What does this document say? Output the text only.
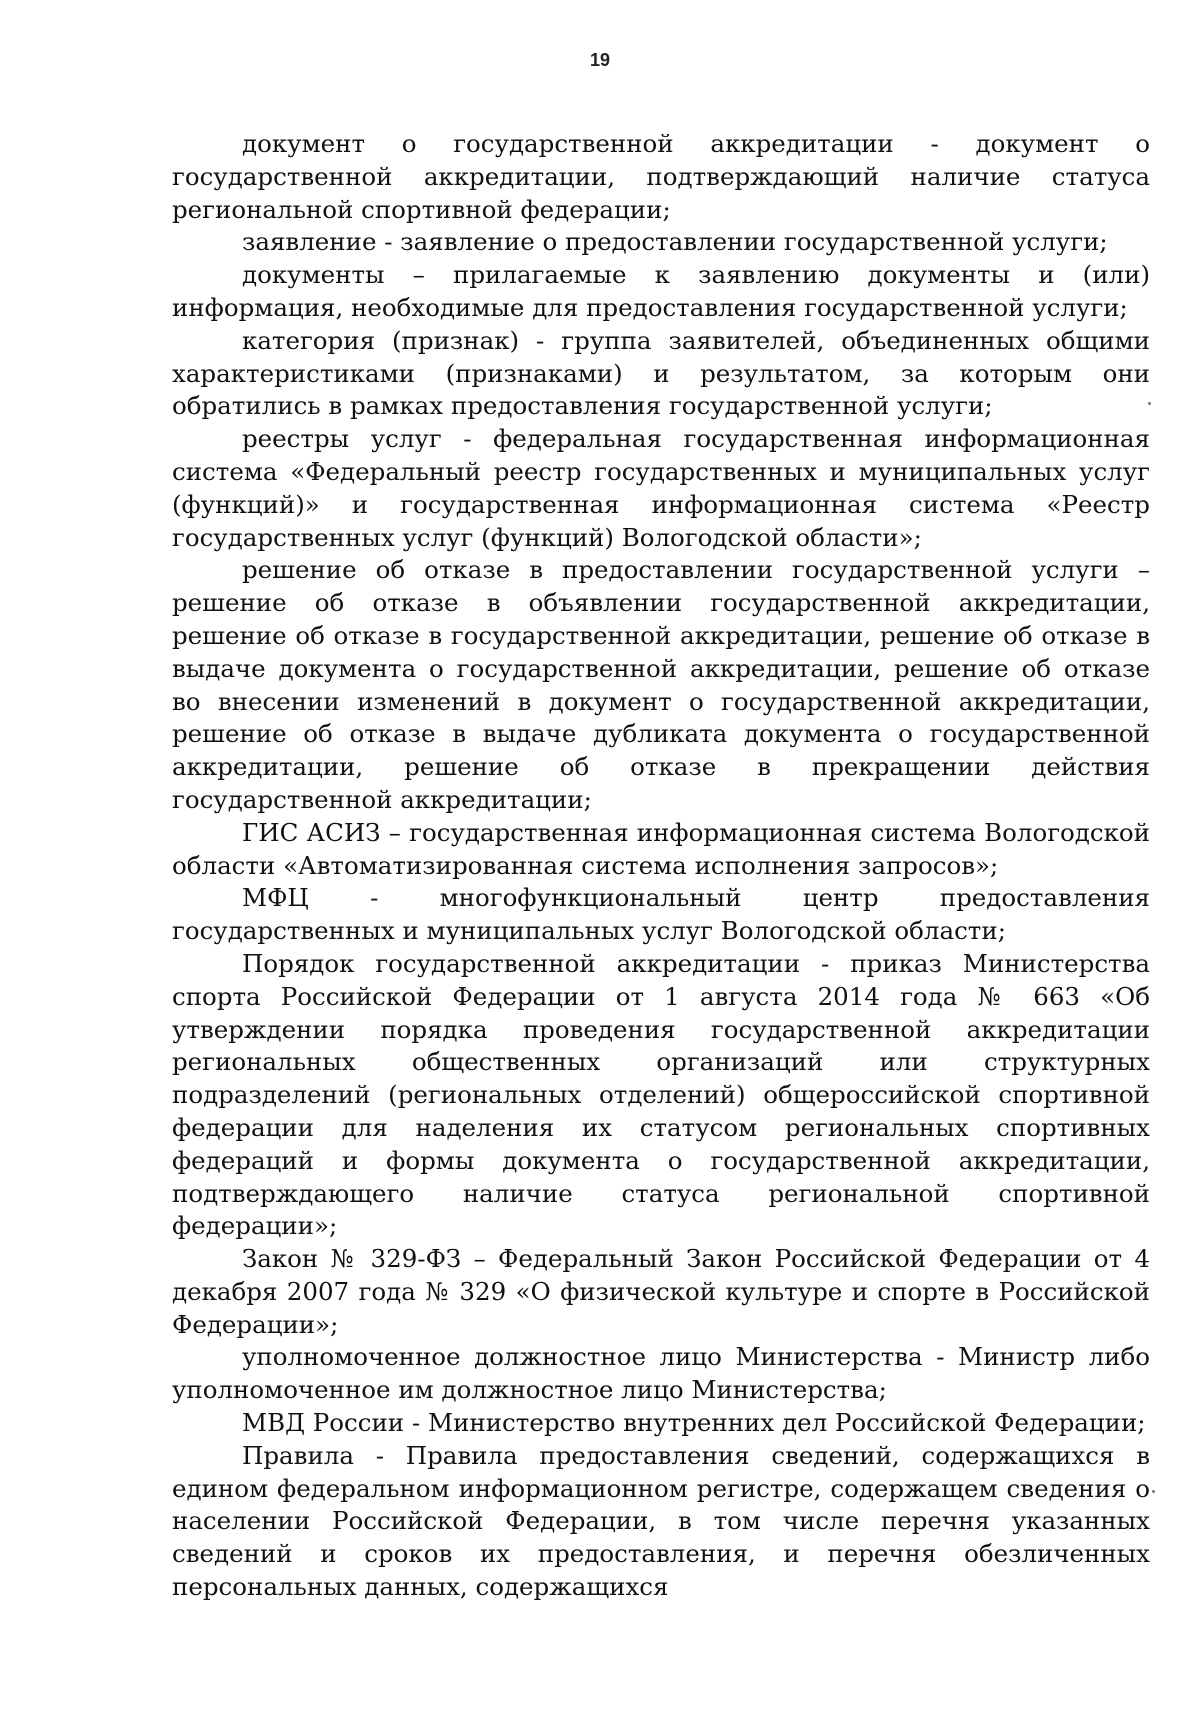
19

документ о государственной аккредитации - документ о государственной аккредитации, подтверждающий наличие статуса региональной спортивной федерации;

заявление - заявление о предоставлении государственной услуги;

документы – прилагаемые к заявлению документы и (или) информация, необходимые для предоставления государственной услуги;

категория (признак) - группа заявителей, объединенных общими характеристиками (признаками) и результатом, за которым они обратились в рамках предоставления государственной услуги;

реестры услуг - федеральная государственная информационная система «Федеральный реестр государственных и муниципальных услуг (функций)» и государственная информационная система «Реестр государственных услуг (функций) Вологодской области»;

решение об отказе в предоставлении государственной услуги – решение об отказе в объявлении государственной аккредитации, решение об отказе в государственной аккредитации, решение об отказе в выдаче документа о государственной аккредитации, решение об отказе во внесении изменений в документ о государственной аккредитации, решение об отказе в выдаче дубликата документа о государственной аккредитации, решение об отказе в прекращении действия государственной аккредитации;

ГИС АСИЗ – государственная информационная система Вологодской области «Автоматизированная система исполнения запросов»;

МФЦ - многофункциональный центр предоставления государственных и муниципальных услуг Вологодской области;

Порядок государственной аккредитации - приказ Министерства спорта Российской Федерации от 1 августа 2014 года № 663 «Об утверждении порядка проведения государственной аккредитации региональных общественных организаций или структурных подразделений (региональных отделений) общероссийской спортивной федерации для наделения их статусом региональных спортивных федераций и формы документа о государственной аккредитации, подтверждающего наличие статуса региональной спортивной федерации»;

Закон № 329-ФЗ – Федеральный Закон Российской Федерации от 4 декабря 2007 года № 329 «О физической культуре и спорте в Российской Федерации»;

уполномоченное должностное лицо Министерства - Министр либо уполномоченное им должностное лицо Министерства;

МВД России - Министерство внутренних дел Российской Федерации;

Правила - Правила предоставления сведений, содержащихся в едином федеральном информационном регистре, содержащем сведения о населении Российской Федерации, в том числе перечня указанных сведений и сроков их предоставления, и перечня обезличенных персональных данных, содержащихся
